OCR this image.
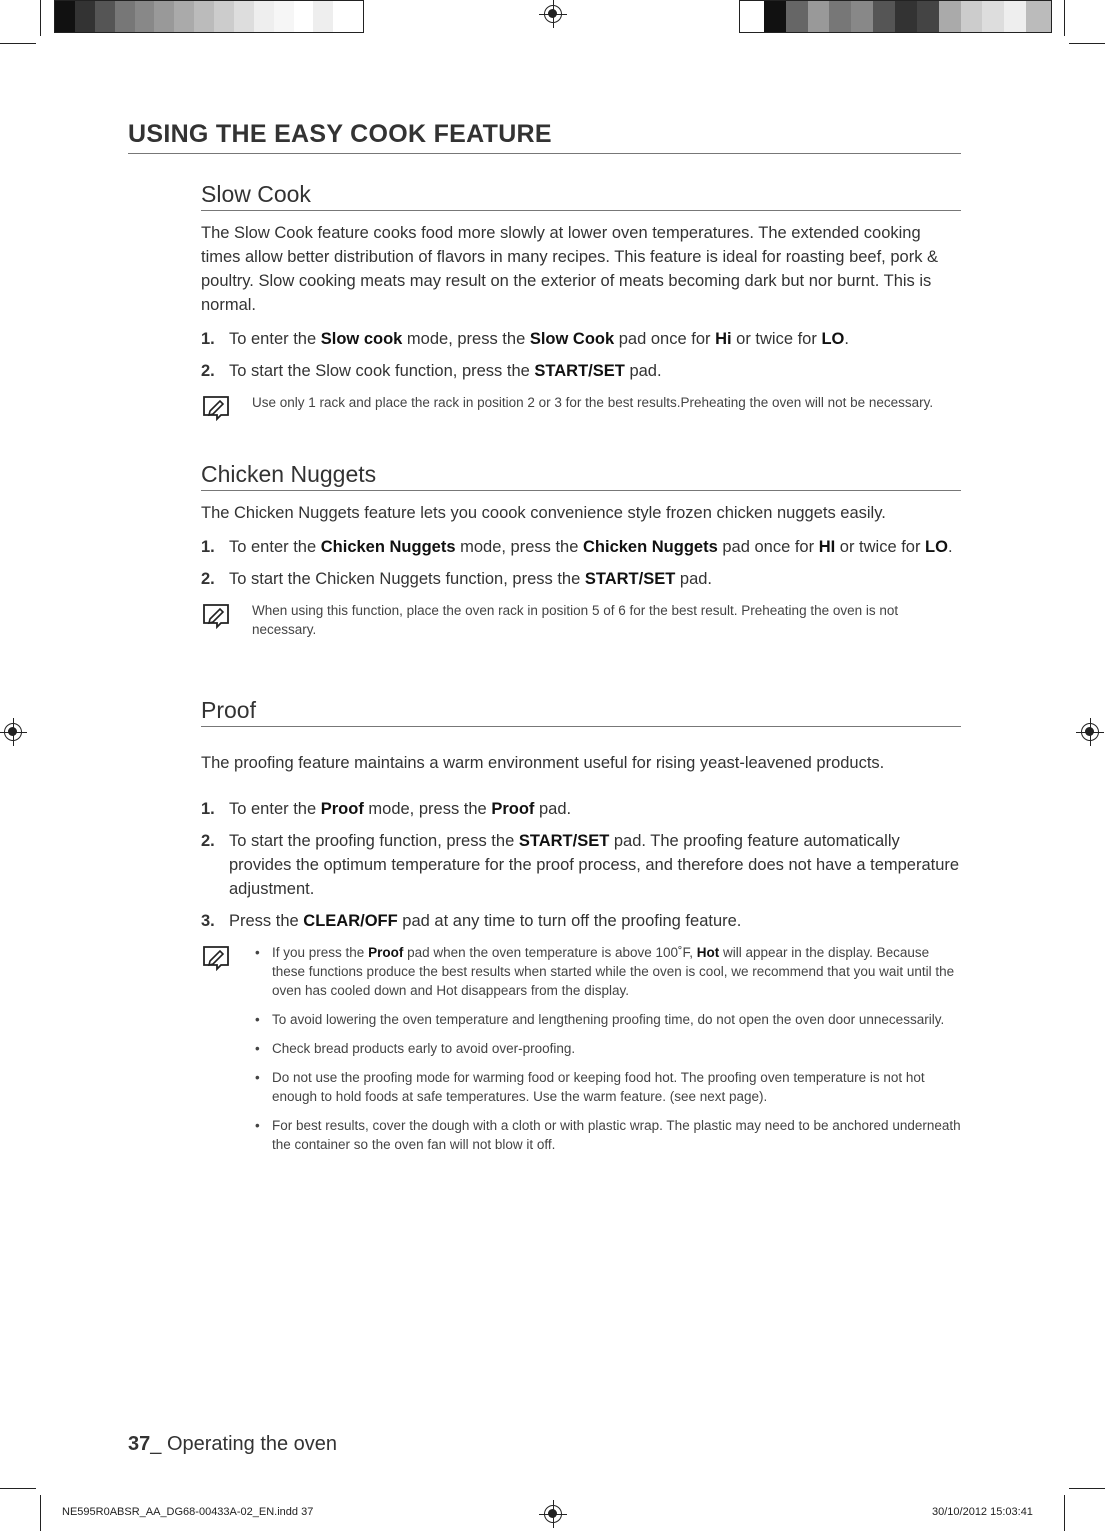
USING THE EASY COOK FEATURE
Slow Cook

The Slow Cook feature cooks food more slowly at lower oven temperatures. The extended cooking times allow better distribution of flavors in many recipes. This feature is ideal for roasting beef, pork & poultry. Slow cooking meats may result on the exterior of meats becoming dark but nor burnt. This is normal.

1. To enter the Slow cook mode, press the Slow Cook pad once for Hi or twice for LO.
2. To start the Slow cook function, press the START/SET pad.
Use only 1 rack and place the rack in position 2 or 3 for the best results.Preheating the oven will not be necessary.
Chicken Nuggets

The Chicken Nuggets feature lets you coook convenience style frozen chicken nuggets easily.

1. To enter the Chicken Nuggets mode, press the Chicken Nuggets pad once for HI or twice for LO.
2. To start the Chicken Nuggets function, press the START/SET pad.
When using this function, place the oven rack in position 5 of 6 for the best result. Preheating the oven is not necessary.
Proof

The proofing feature maintains a warm environment useful for rising yeast-leavened products.

1. To enter the Proof mode, press the Proof pad.
2. To start the proofing function, press the START/SET pad. The proofing feature automatically provides the optimum temperature for the proof process, and therefore does not have a temperature adjustment.
3. Press the CLEAR/OFF pad at any time to turn off the proofing feature.
• If you press the Proof pad when the oven temperature is above 100˚F, Hot will appear in the display. Because these functions produce the best results when started while the oven is cool, we recommend that you wait until the oven has cooled down and Hot disappears from the display.
• To avoid lowering the oven temperature and lengthening proofing time, do not open the oven door unnecessarily.
• Check bread products early to avoid over-proofing.
• Do not use the proofing mode for warming food or keeping food hot. The proofing oven temperature is not hot enough to hold foods at safe temperatures. Use the warm feature. (see next page).
• For best results, cover the dough with a cloth or with plastic wrap. The plastic may need to be anchored underneath the container so the oven fan will not blow it off.
37_ Operating the oven
NE595R0ABSR_AA_DG68-00433A-02_EN.indd 37	30/10/2012 15:03:41
